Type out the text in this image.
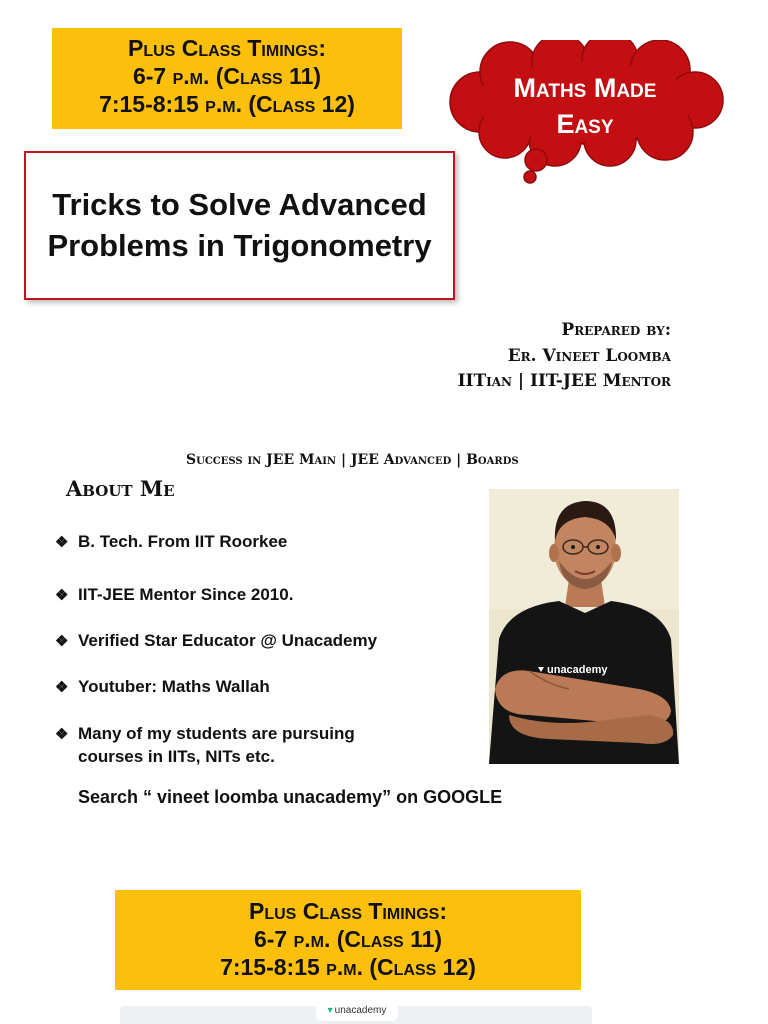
Plus Class Timings:
6-7 p.m. (Class 11)
7:15-8:15 p.m. (Class 12)
Maths Made
Easy
Tricks to Solve Advanced
Problems in Trigonometry
Prepared by:
Er. Vineet Loomba
IITian | IIT-JEE Mentor
Success in JEE Main | JEE Advanced | Boards
About Me
❖ B. Tech. From IIT Roorkee
❖ IIT-JEE Mentor Since 2010.
❖ Verified Star Educator @ Unacademy
❖ Youtuber: Maths Wallah
❖ Many of my students are pursuing courses in IITs, NITs etc.
Search “ vineet loomba unacademy” on GOOGLE
unacademy
Plus Class Timings:
6-7 p.m. (Class 11)
7:15-8:15 p.m. (Class 12)
▾ unacademy
